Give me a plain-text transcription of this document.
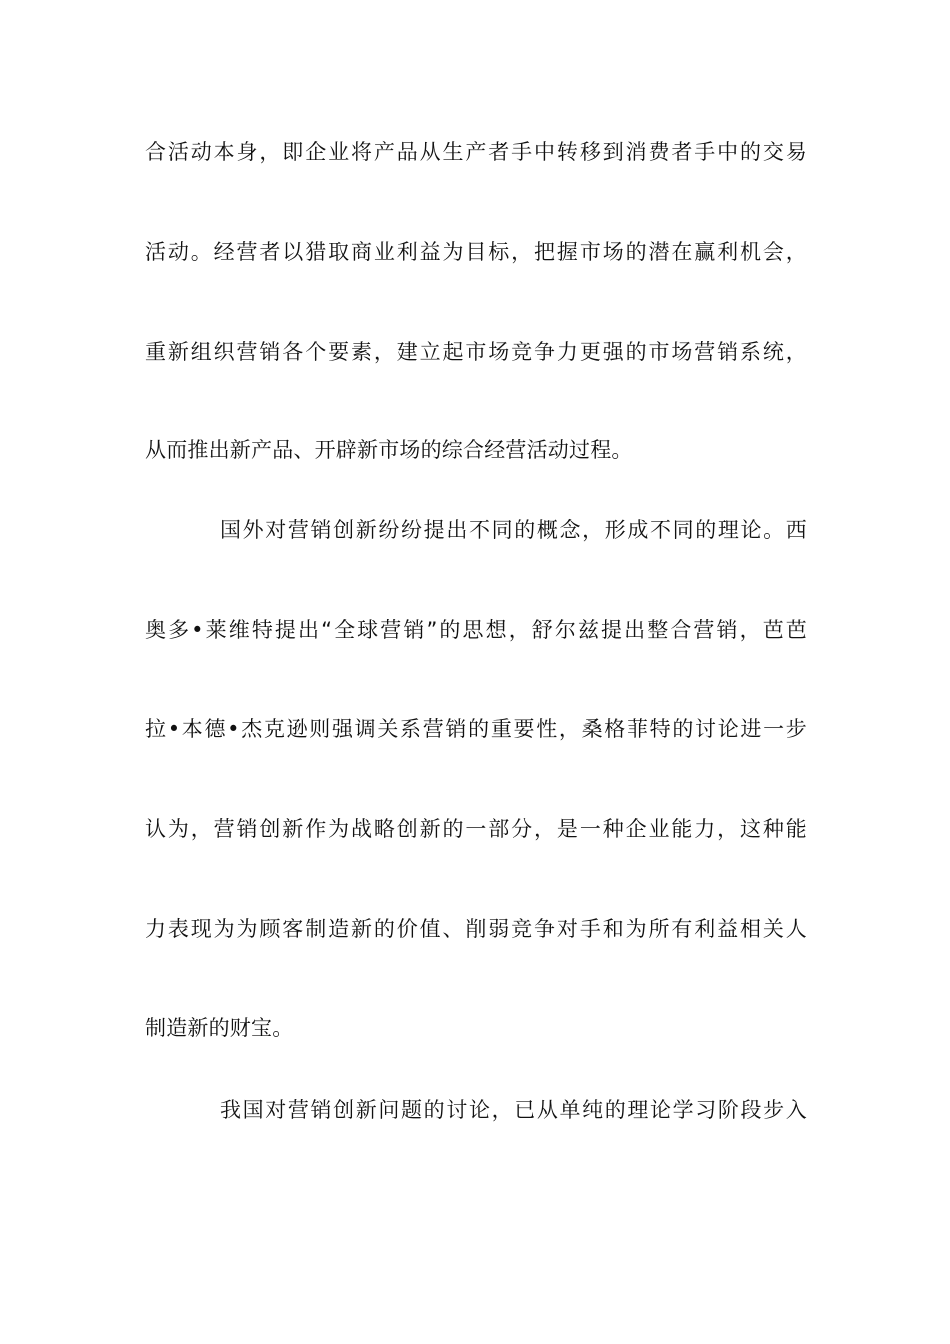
合活动本身，即企业将产品从生产者手中转移到消费者手中的交易
活动。经营者以猎取商业利益为目标，把握市场的潜在赢利机会，
重新组织营销各个要素，建立起市场竞争力更强的市场营销系统，
从而推出新产品、开辟新市场的综合经营活动过程。
国外对营销创新纷纷提出不同的概念，形成不同的理论。西
奥多•莱维特提出“全球营销”的思想，舒尔兹提出整合营销，芭芭
拉•本德•杰克逊则强调关系营销的重要性，桑格菲特的讨论进一步
认为，营销创新作为战略创新的一部分，是一种企业能力，这种能
力表现为为顾客制造新的价值、削弱竞争对手和为所有利益相关人
制造新的财宝。
我国对营销创新问题的讨论，已从单纯的理论学习阶段步入
